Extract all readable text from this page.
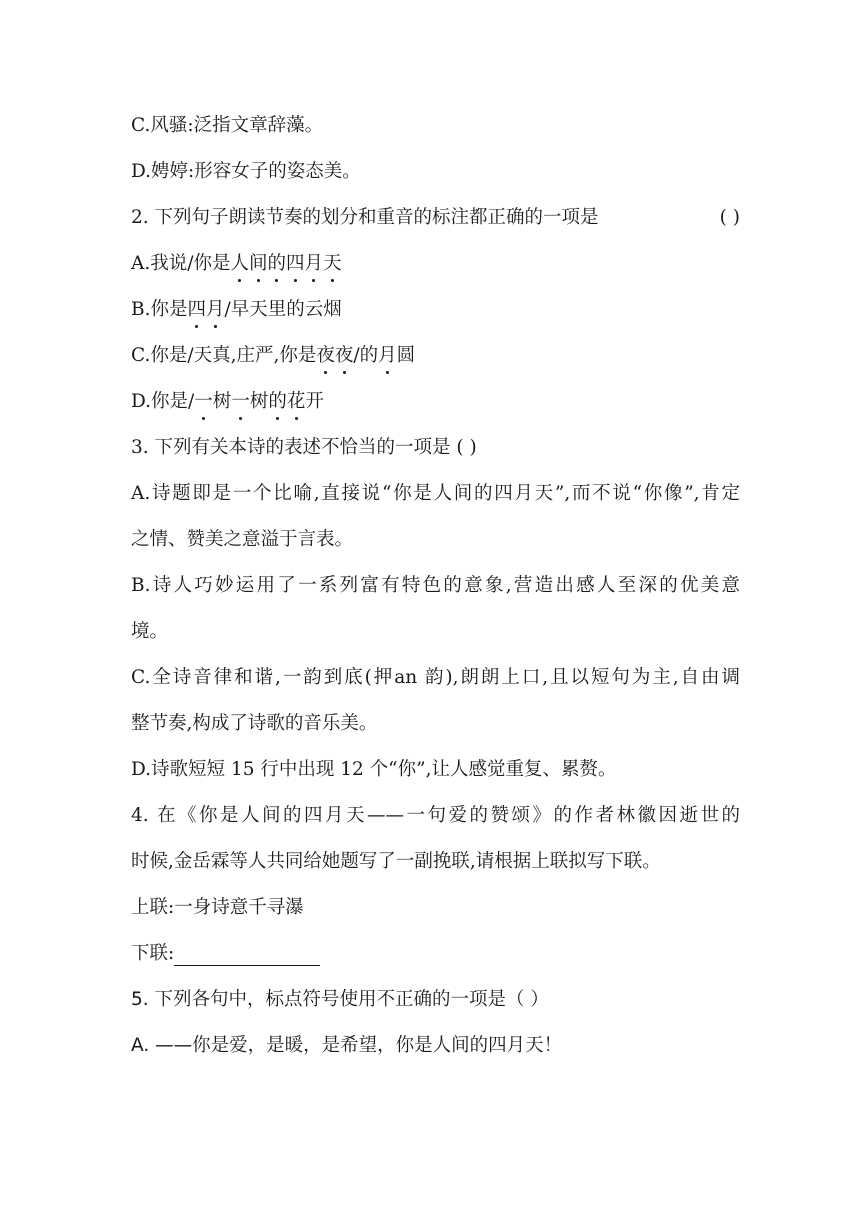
C.风骚:泛指文章辞藻。
D.娉婷:形容女子的姿态美。
2. 下列句子朗读节奏的划分和重音的标注都正确的一项是	( )
A.我说/你是人间的四月天
B.你是四月/早天里的云烟
C.你是/天真,庄严,你是夜夜/的月圆
D.你是/一树一树的花开
3. 下列有关本诗的表述不恰当的一项是 ( )
A.诗题即是一个比喻,直接说“你是人间的四月天”,而不说“你像”,肯定
之情、赞美之意溢于言表。
B.诗人巧妙运用了一系列富有特色的意象,营造出感人至深的优美意
境。
C.全诗音律和谐,一韵到底(押an 韵),朗朗上口,且以短句为主,自由调
整节奏,构成了诗歌的音乐美。
D.诗歌短短 15 行中出现 12 个“你”,让人感觉重复、累赘。
4. 在《你是人间的四月天——一句爱的赞颂》的作者林徽因逝世的
时候,金岳霖等人共同给她题写了一副挽联,请根据上联拟写下联。
上联:一身诗意千寻瀑
下联:
5. 下列各句中，标点符号使用不正确的一项是（ ）
A. ——你是爱，是暖，是希望，你是人间的四月天！
